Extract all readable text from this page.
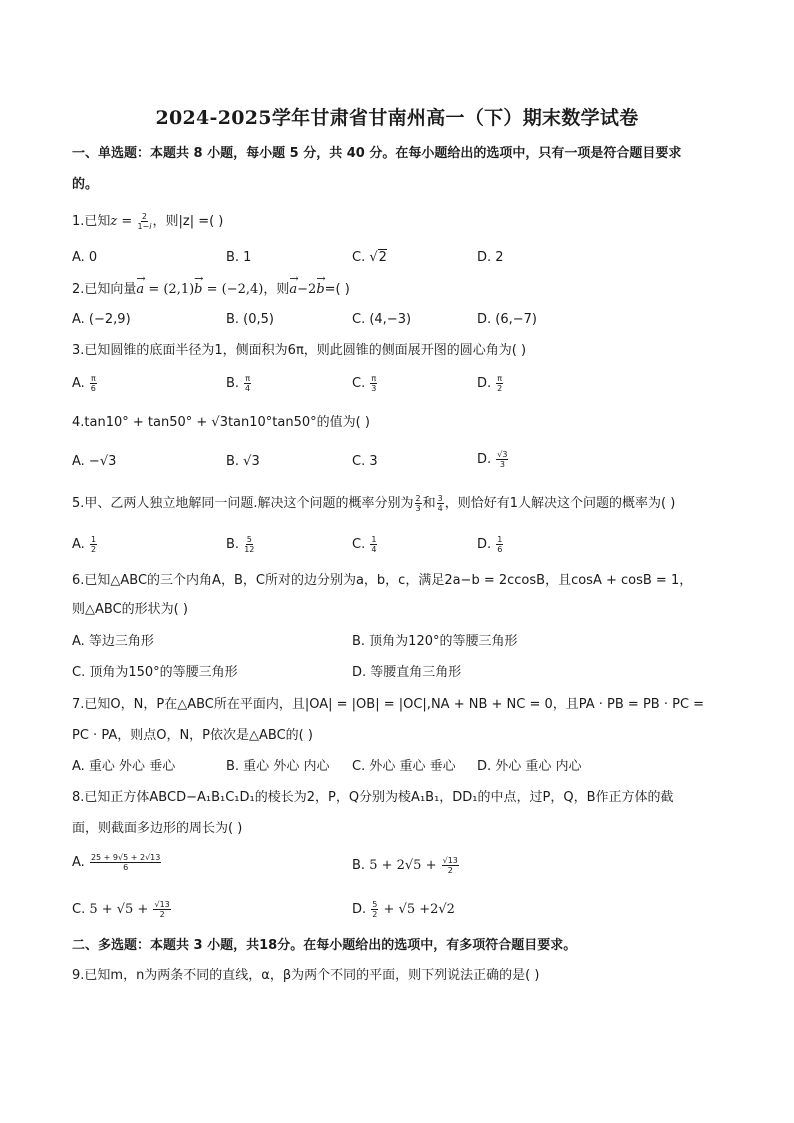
2024-2025学年甘肃省甘南州高一（下）期末数学试卷
一、单选题：本题共 8 小题，每小题 5 分，共 40 分。在每小题给出的选项中，只有一项是符合题目要求
的。
1.已知$z = \frac{2}{1-i}$ ，则|z| =( )
A. 0	B. 1	C. √2	D. 2
2.已知向量→ a = (2,1)→ b = (−2,4)，则→ a−2→ b=( )
A. (−2,9)	B. (0,5)	C. (4,−3)	D. (6,−7)
3.已知圆锥的底面半径为1，侧面积为6π，则此圆锥的侧面展开图的圆心角为( )
A. $\frac{\pi}{6}$	B. $\frac{\pi}{4}$	C. $\frac{\pi}{3}$	D. $\frac{\pi}{2}$
4.tan10° + tan50° + √3tan10°tan50°的值为( )
A. −√3	B. √3	C. 3	D. $\frac{√3}{3}$
5.甲、乙两人独立地解同一问题.解决这个问题的概率分别为 $\frac{2}{3}$ 和 $\frac{3}{4}$ ，则恰好有1人解决这个问题的概率为( )
A. $\frac{1}{2}$	B. $\frac{5}{12}$	C. $\frac{1}{4}$	D. $\frac{1}{6}$
6.已知△ABC的三个内角A，B，C所对的边分别为a，b，c，满足2a−b = 2ccosB，且cosA + cosB = 1，
则△ABC的形状为( )
A. 等边三角形	B. 顶角为120°的等腰三角形
C. 顶角为150°的等腰三角形	D. 等腰直角三角形
7.已知O，N，P在△ABC所在平面内，且|OA| = |OB| = |OC|,NA + NB + NC = 0，且PA · PB = PB · PC =
PC · PA，则点O，N，P依次是△ABC的( )
A. 重心 外心 垂心	B. 重心 外心 内心 C. 外心 重心 垂心 D. 外心 重心 内心
8.已知正方体ABCD−A₁B₁C₁D₁的棱长为2，P，Q分别为棱A₁B₁，DD₁的中点，过P，Q，B作正方体的截
面，则截面多边形的周长为( )
A. $\frac{25 + 9√5 + 2√13}{6}$	B. $5 + 2√5 + \frac{√13}{2}$
C. $5 + √5 + \frac{√13}{2}$	D. $\frac{5}{2} + √5 +2√2$
二、多选题：本题共 3 小题，共18分。在每小题给出的选项中，有多项符合题目要求。
9.已知m，n为两条不同的直线，α，β为两个不同的平面，则下列说法正确的是( )
